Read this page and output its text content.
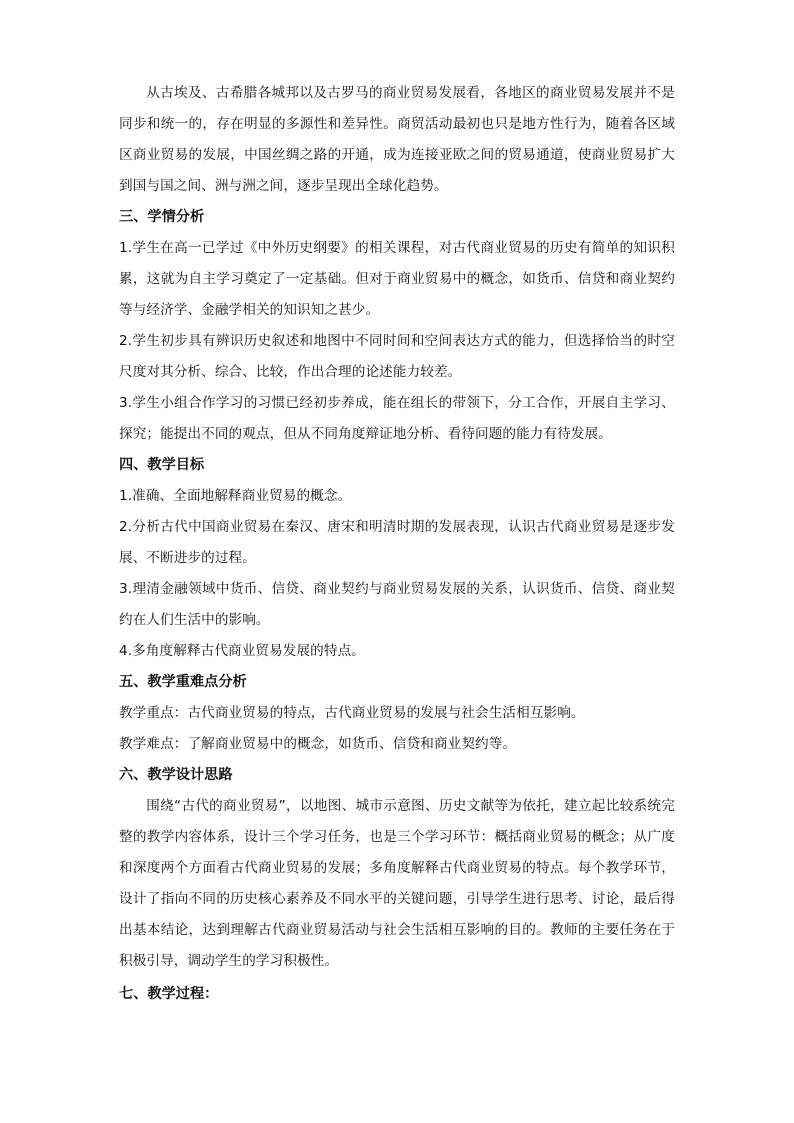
从古埃及、古希腊各城邦以及古罗马的商业贸易发展看，各地区的商业贸易发展并不是同步和统一的，存在明显的多源性和差异性。商贸活动最初也只是地方性行为，随着各区域区商业贸易的发展，中国丝绸之路的开通，成为连接亚欧之间的贸易通道，使商业贸易扩大到国与国之间、洲与洲之间，逐步呈现出全球化趋势。

三、学情分析

1.学生在高一已学过《中外历史纲要》的相关课程，对古代商业贸易的历史有简单的知识积累，这就为自主学习奠定了一定基础。但对于商业贸易中的概念，如货币、信贷和商业契约等与经济学、金融学相关的知识知之甚少。

2.学生初步具有辨识历史叙述和地图中不同时间和空间表达方式的能力，但选择恰当的时空尺度对其分析、综合、比较，作出合理的论述能力较差。

3.学生小组合作学习的习惯已经初步养成，能在组长的带领下，分工合作，开展自主学习、探究；能提出不同的观点，但从不同角度辩证地分析、看待问题的能力有待发展。

四、教学目标

1.准确、全面地解释商业贸易的概念。

2.分析古代中国商业贸易在秦汉、唐宋和明清时期的发展表现，认识古代商业贸易是逐步发展、不断进步的过程。

3.理清金融领域中货币、信贷、商业契约与商业贸易发展的关系，认识货币、信贷、商业契约在人们生活中的影响。

4.多角度解释古代商业贸易发展的特点。

五、教学重难点分析

教学重点：古代商业贸易的特点，古代商业贸易的发展与社会生活相互影响。

教学难点：了解商业贸易中的概念，如货币、信贷和商业契约等。

六、教学设计思路

围绕“古代的商业贸易”，以地图、城市示意图、历史文献等为依托，建立起比较系统完整的教学内容体系，设计三个学习任务，也是三个学习环节：概括商业贸易的概念；从广度和深度两个方面看古代商业贸易的发展；多角度解释古代商业贸易的特点。每个教学环节，设计了指向不同的历史核心素养及不同水平的关键问题，引导学生进行思考、讨论，最后得出基本结论，达到理解古代商业贸易活动与社会生活相互影响的目的。教师的主要任务在于积极引导，调动学生的学习积极性。

七、教学过程：
